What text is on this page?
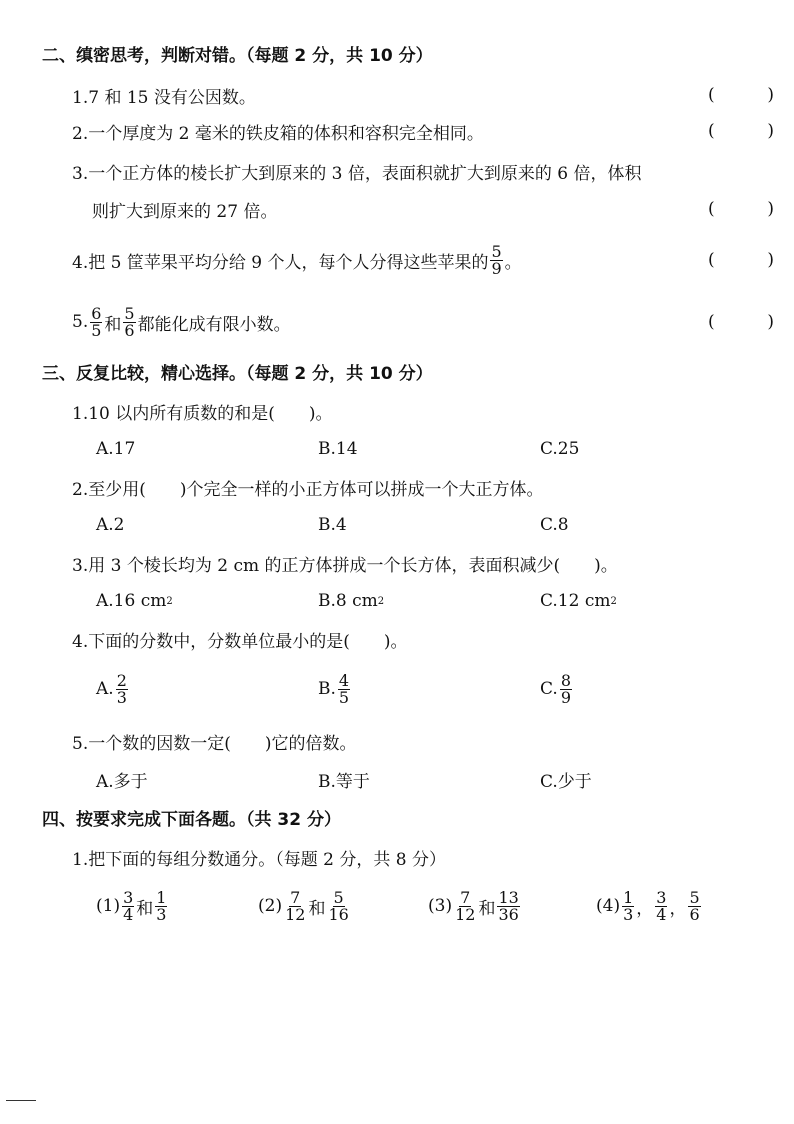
二、缜密思考，判断对错。（每题 2 分，共 10 分）
1.7 和 15 没有公因数。	(	)
2.一个厚度为 2 毫米的铁皮箱的体积和容积完全相同。	(	)
3.一个正方体的棱长扩大到原来的 3 倍，表面积就扩大到原来的 6 倍，体积
则扩大到原来的 27 倍。	(	)
4.把 5 筐苹果平均分给 9 个人，每个人分得这些苹果的 $\frac{5}{9}$ 。	(	)
5. $\frac{6}{5}$ 和 $\frac{5}{6}$ 都能化成有限小数。	(	)
三、反复比较，精心选择。（每题 2 分，共 10 分）
1.10 以内所有质数的和是(　　)。
A.17	B.14	C.25
2.至少用(　　)个完全一样的小正方体可以拼成一个大正方体。
A.2	B.4	C.8
3.用 3 个棱长均为 2 cm 的正方体拼成一个长方体，表面积减少(　　)。
A.16 cm 2	B.8 cm 2	C.12 cm 2
4.下面的分数中，分数单位最小的是(　　)。
A. $\frac{2}{3}$	B. $\frac{4}{5}$	C. $\frac{8}{9}$
5.一个数的因数一定(　　)它的倍数。
A.多于	B.等于	C.少于
四、按要求完成下面各题。（共 32 分）
1.把下面的每组分数通分。（每题 2 分，共 8 分）
$(1) \frac{3}{4}$ 和 $\frac{1}{3}$	$(2) \frac{7}{12}$ 和 $\frac{5}{16}$	$(3) \frac{7}{12}$ 和 $\frac{13}{36}$	$(4) \frac{1}{3}$ ， $\frac{3}{4}$ ， $\frac{5}{6}$
